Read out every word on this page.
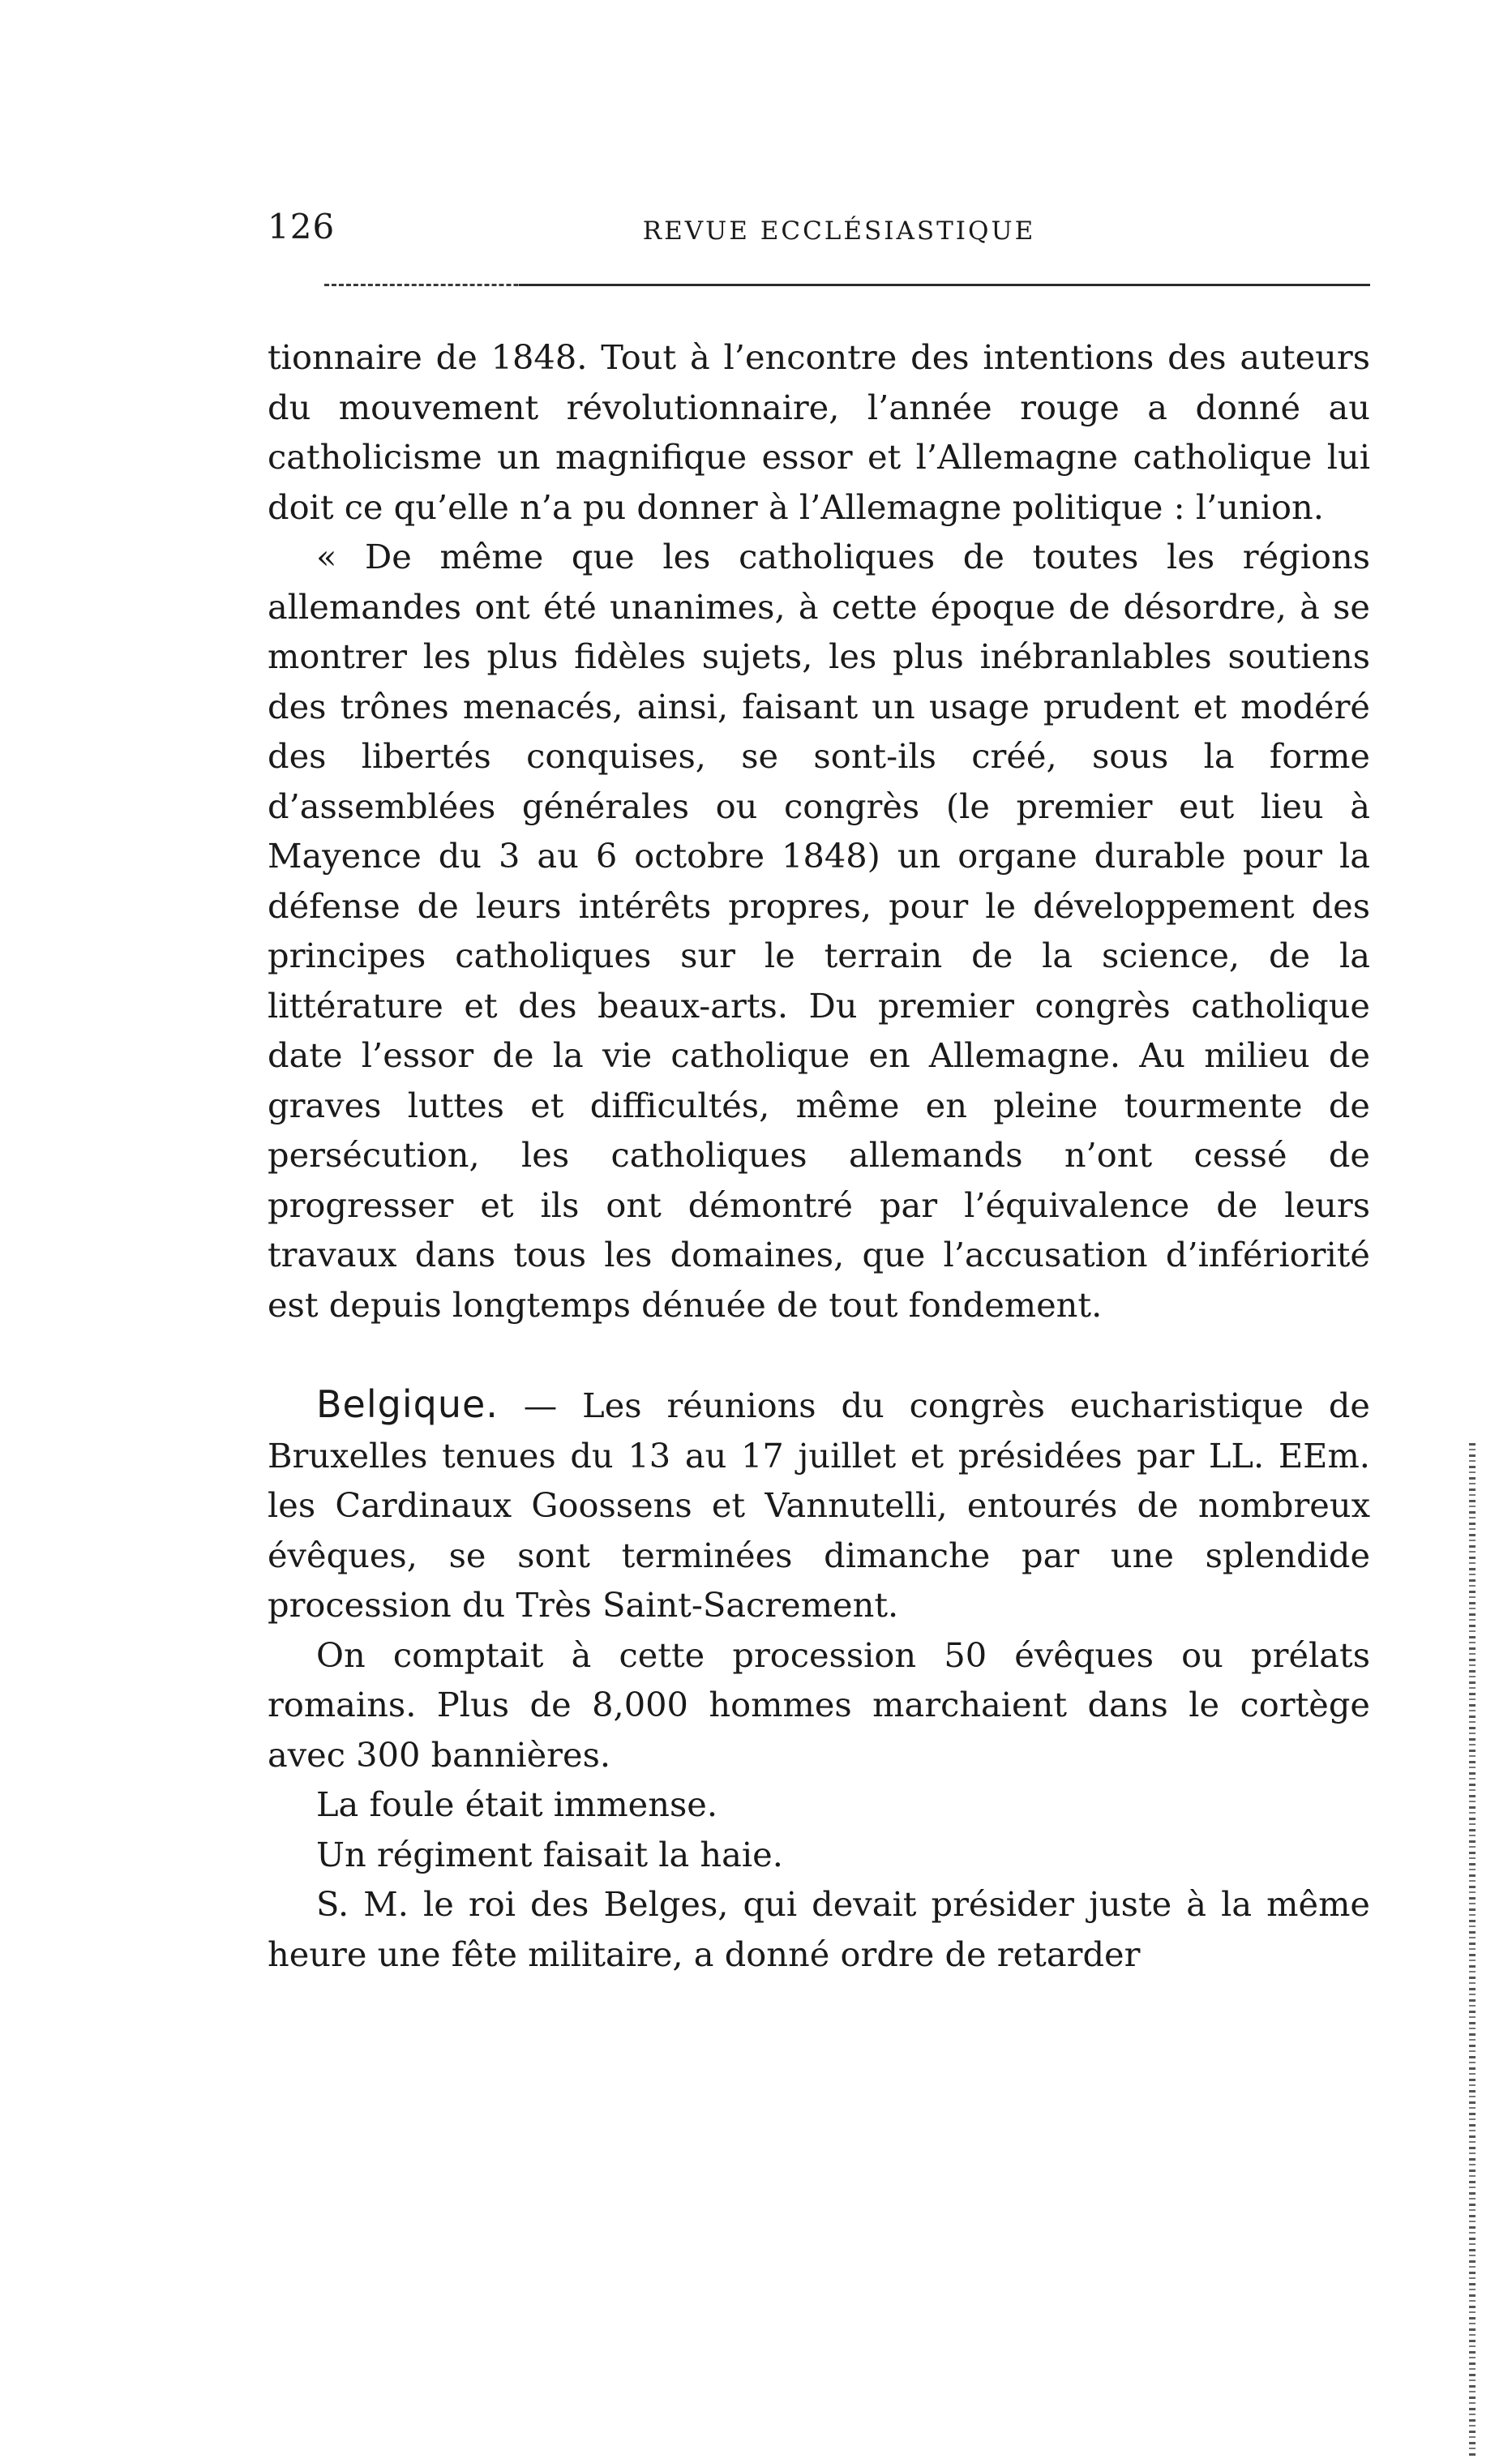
126	REVUE ECCLÉSIASTIQUE

tionnaire de 1848. Tout à l’encontre des intentions des auteurs du mouvement révolutionnaire, l’année rouge a donné au catholicisme un magnifique essor et l’Allemagne catholique lui doit ce qu’elle n’a pu donner à l’Allemagne politique : l’union.

« De même que les catholiques de toutes les régions allemandes ont été unanimes, à cette époque de désordre, à se montrer les plus fidèles sujets, les plus inébranlables soutiens des trônes menacés, ainsi, faisant un usage prudent et modéré des libertés conquises, se sont-ils créé, sous la forme d’assemblées générales ou congrès (le premier eut lieu à Mayence du 3 au 6 octobre 1848) un organe durable pour la défense de leurs intérêts propres, pour le développement des principes catholiques sur le terrain de la science, de la littérature et des beaux-arts. Du premier congrès catholique date l’essor de la vie catholique en Allemagne. Au milieu de graves luttes et difficultés, même en pleine tourmente de persécution, les catholiques allemands n’ont cessé de progresser et ils ont démontré par l’équivalence de leurs travaux dans tous les domaines, que l’accusation d’infériorité est depuis longtemps dénuée de tout fondement.

Belgique. — Les réunions du congrès eucharistique de Bruxelles tenues du 13 au 17 juillet et présidées par LL. EEm. les Cardinaux Goossens et Vannutelli, entourés de nombreux évêques, se sont terminées dimanche par une splendide procession du Très Saint-Sacrement.

On comptait à cette procession 50 évêques ou prélats romains. Plus de 8,000 hommes marchaient dans le cortège avec 300 bannières.

La foule était immense.

Un régiment faisait la haie.

S. M. le roi des Belges, qui devait présider juste à la même heure une fête militaire, a donné ordre de retarder
